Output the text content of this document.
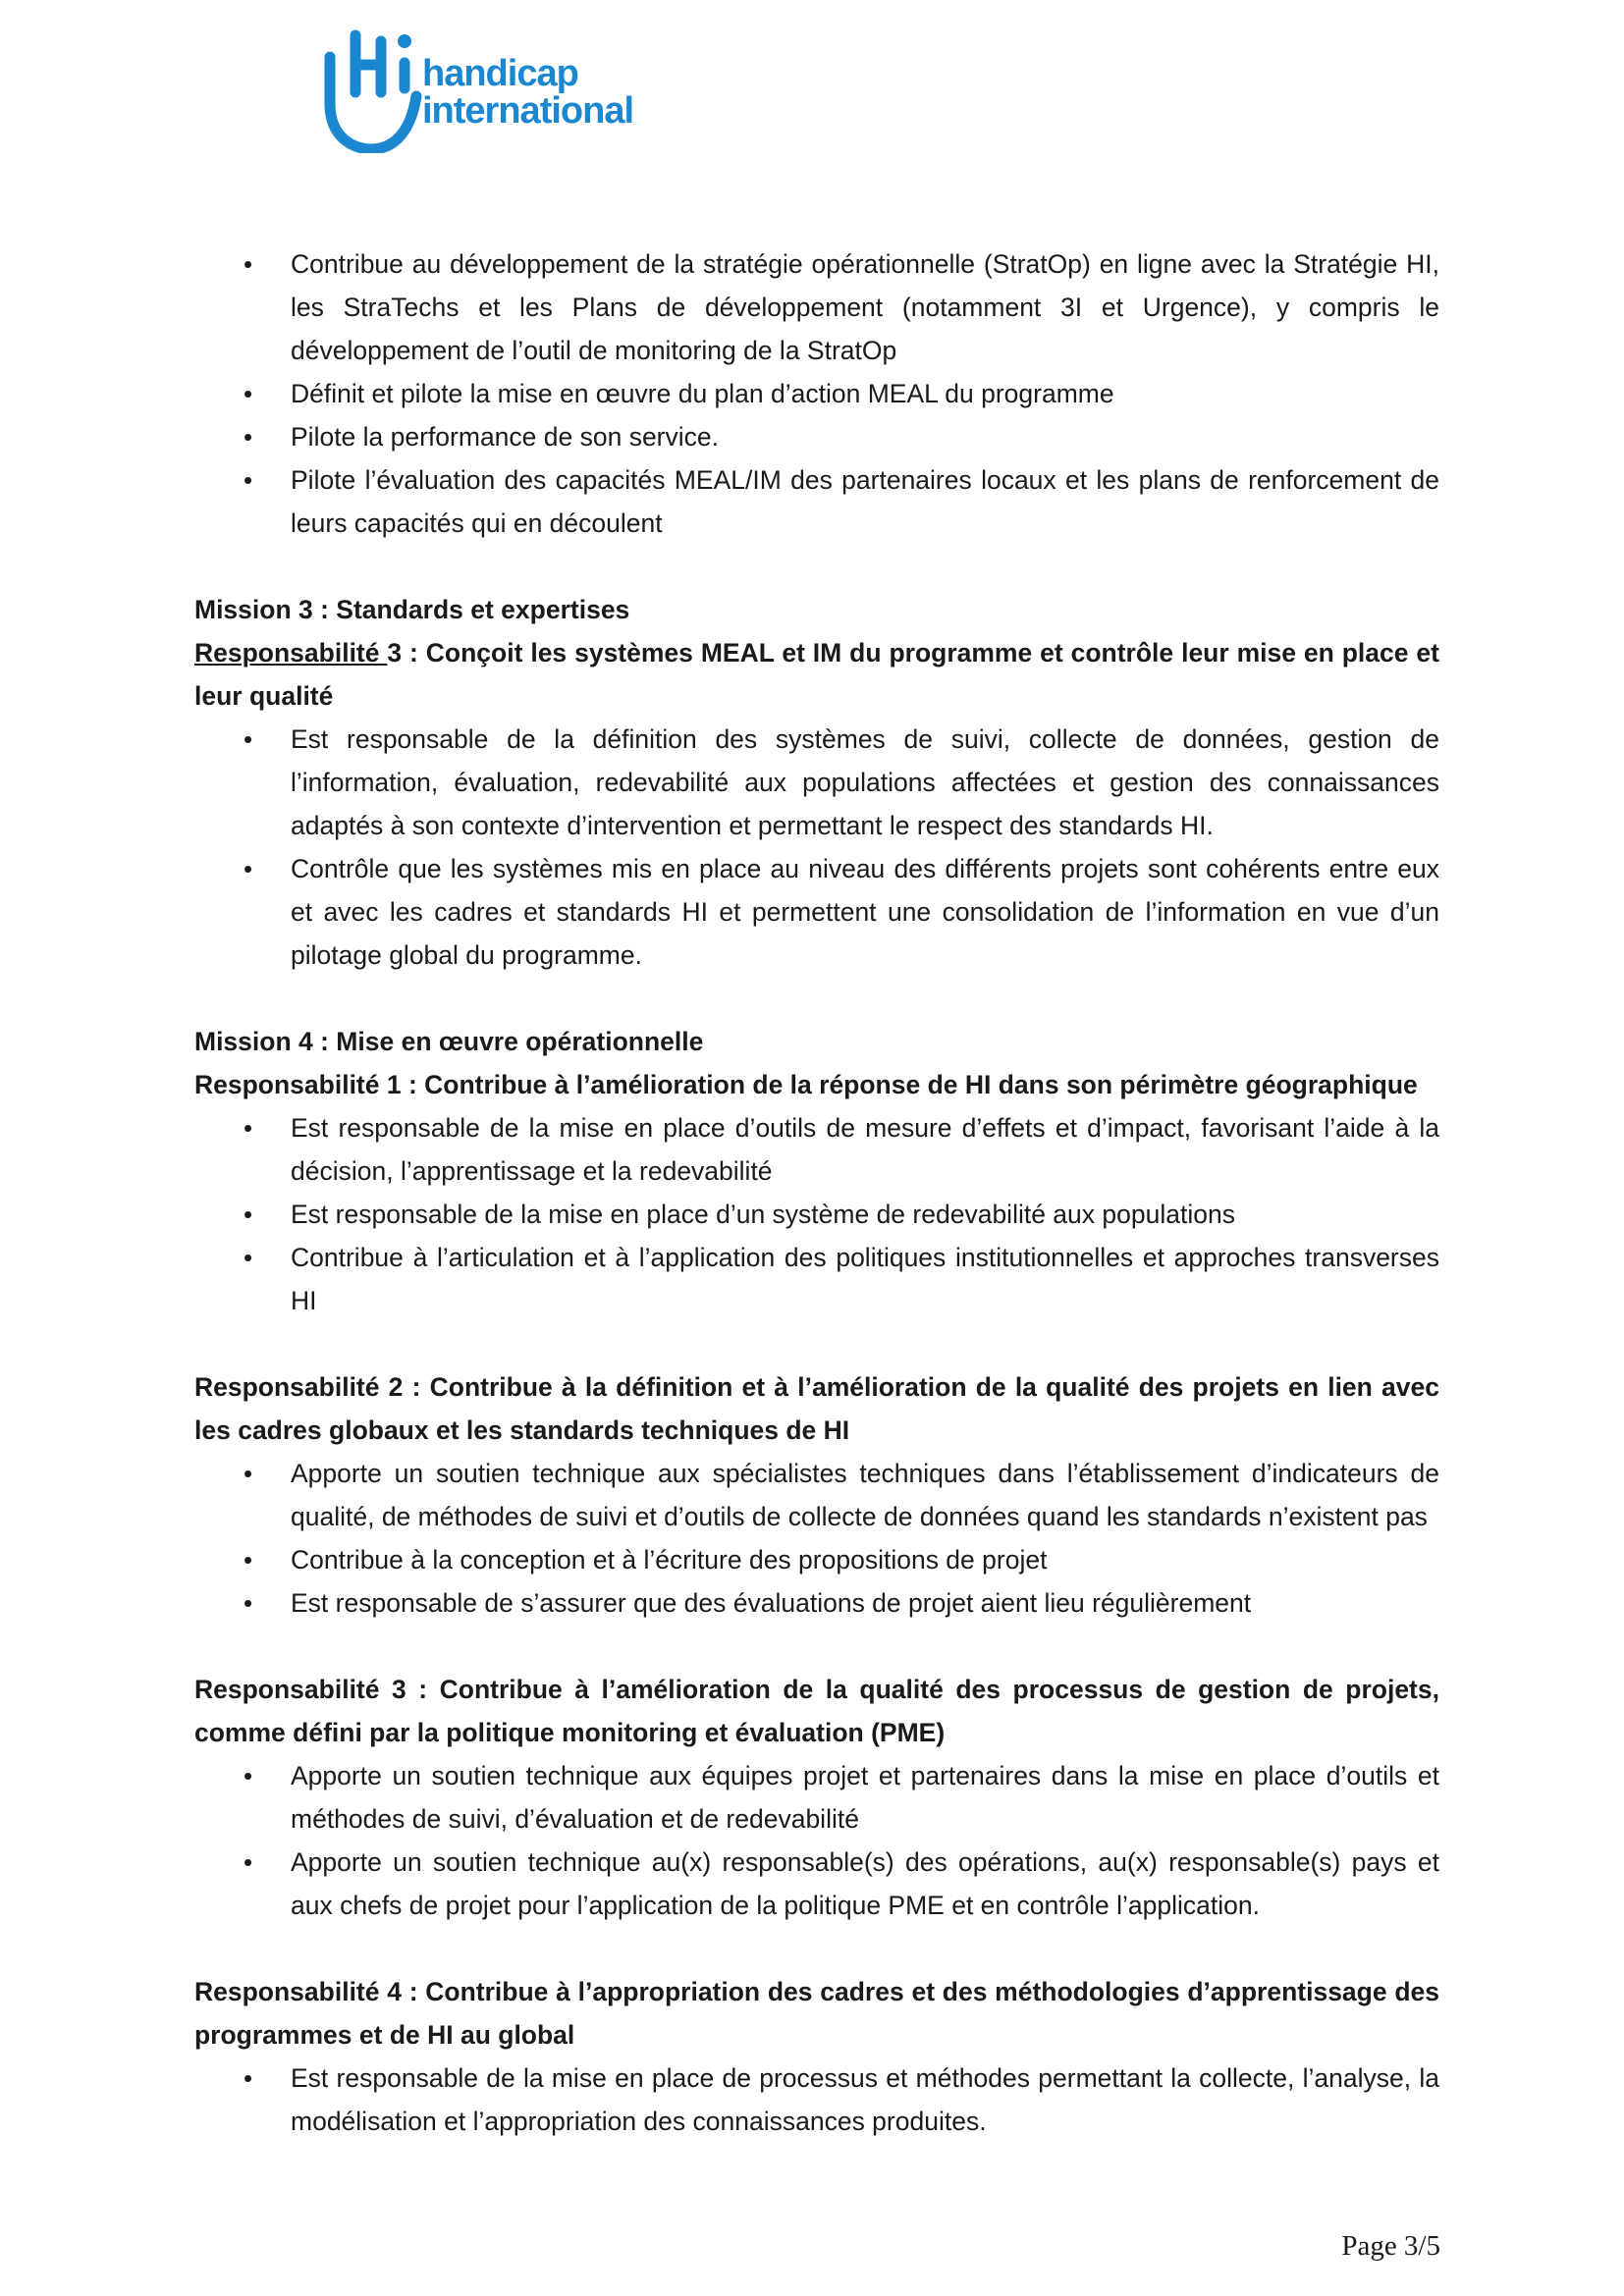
handicap
international
• Contribue au développement de la stratégie opérationnelle (StratOp) en ligne avec la Stratégie HI, les StraTechs et les Plans de développement (notamment 3I et Urgence), y compris le développement de l’outil de monitoring de la StratOp
• Définit et pilote la mise en œuvre du plan d’action MEAL du programme
• Pilote la performance de son service.
• Pilote l’évaluation des capacités MEAL/IM des partenaires locaux et les plans de renforcement de leurs capacités qui en découlent
Mission 3 : Standards et expertises
Responsabilité 3 : Conçoit les systèmes MEAL et IM du programme et contrôle leur mise en place et leur qualité
• Est responsable de la définition des systèmes de suivi, collecte de données, gestion de l’information, évaluation, redevabilité aux populations affectées et gestion des connaissances adaptés à son contexte d’intervention et permettant le respect des standards HI.
• Contrôle que les systèmes mis en place au niveau des différents projets sont cohérents entre eux et avec les cadres et standards HI et permettent une consolidation de l’information en vue d’un pilotage global du programme.
Mission 4 : Mise en œuvre opérationnelle
Responsabilité 1 : Contribue à l’amélioration de la réponse de HI dans son périmètre géographique
• Est responsable de la mise en place d’outils de mesure d’effets et d’impact, favorisant l’aide à la décision, l’apprentissage et la redevabilité
• Est responsable de la mise en place d’un système de redevabilité aux populations
• Contribue à l’articulation et à l’application des politiques institutionnelles et approches transverses HI
Responsabilité 2 : Contribue à la définition et à l’amélioration de la qualité des projets en lien avec les cadres globaux et les standards techniques de HI
• Apporte un soutien technique aux spécialistes techniques dans l’établissement d’indicateurs de qualité, de méthodes de suivi et d’outils de collecte de données quand les standards n’existent pas
• Contribue à la conception et à l’écriture des propositions de projet
• Est responsable de s’assurer que des évaluations de projet aient lieu régulièrement
Responsabilité 3 : Contribue à l’amélioration de la qualité des processus de gestion de projets, comme défini par la politique monitoring et évaluation (PME)
• Apporte un soutien technique aux équipes projet et partenaires dans la mise en place d’outils et méthodes de suivi, d’évaluation et de redevabilité
• Apporte un soutien technique au(x) responsable(s) des opérations, au(x) responsable(s) pays et aux chefs de projet pour l’application de la politique PME et en contrôle l’application.
Responsabilité 4 : Contribue à l’appropriation des cadres et des méthodologies d’apprentissage des programmes et de HI au global
• Est responsable de la mise en place de processus et méthodes permettant la collecte, l’analyse, la modélisation et l’appropriation des connaissances produites.
Page 3/5
